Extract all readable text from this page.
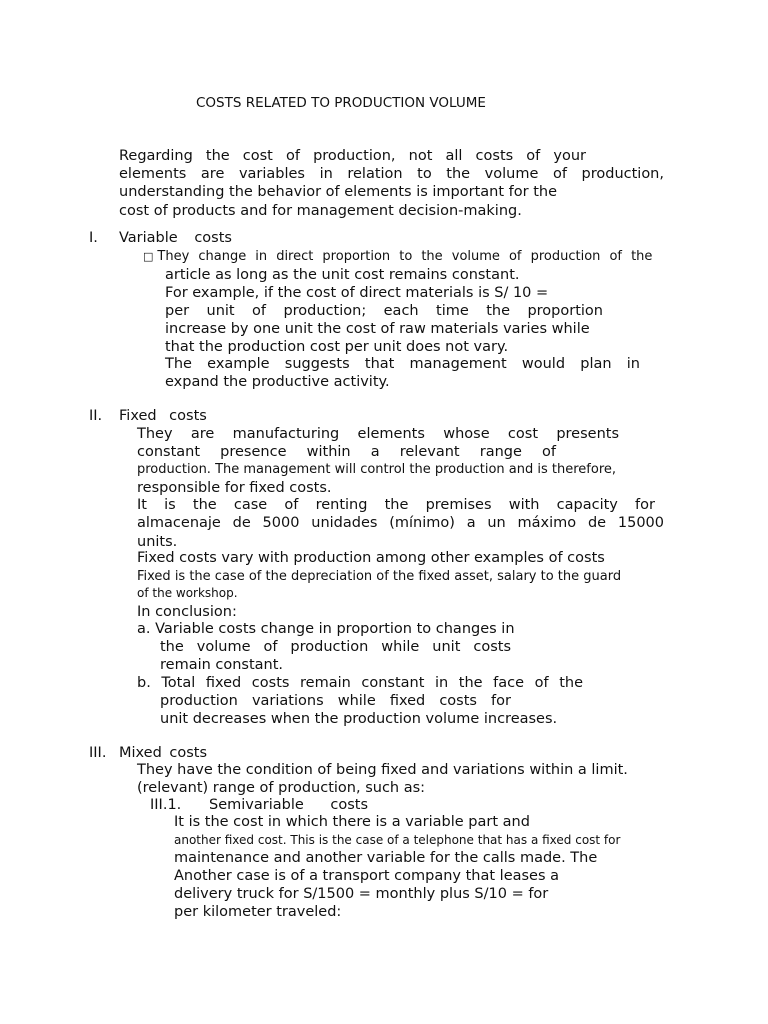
COSTS RELATED TO PRODUCTION VOLUME
Regarding the cost of production, not all costs of your
elements are variables in relation to the volume of production,
understanding the behavior of elements is important for the
cost of products and for management decision-making.
I. Variable costs
□ They change in direct proportion to the volume of production of the
article as long as the unit cost remains constant.
For example, if the cost of direct materials is S/ 10 =
per unit of production; each time the proportion
increase by one unit the cost of raw materials varies while
that the production cost per unit does not vary.
The example suggests that management would plan in
expand the productive activity.
II. Fixed costs
They are manufacturing elements whose cost presents
constant presence within a relevant range of
production. The management will control the production and is therefore,
responsible for fixed costs.
It is the case of renting the premises with capacity for
almacenaje de 5000 unidades (mínimo) a un máximo de 15000
units.
Fixed costs vary with production among other examples of costs
Fixed is the case of the depreciation of the fixed asset, salary to the guard
of the workshop.
In conclusion:
a. Variable costs change in proportion to changes in
the volume of production while unit costs
remain constant.
b. Total fixed costs remain constant in the face of the
production variations while fixed costs for
unit decreases when the production volume increases.
III. Mixed costs
They have the condition of being fixed and variations within a limit.
(relevant) range of production, such as:
III.1. Semivariable costs
It is the cost in which there is a variable part and
another fixed cost. This is the case of a telephone that has a fixed cost for
maintenance and another variable for the calls made. The
Another case is of a transport company that leases a
delivery truck for S/1500 = monthly plus S/10 = for
per kilometer traveled:
